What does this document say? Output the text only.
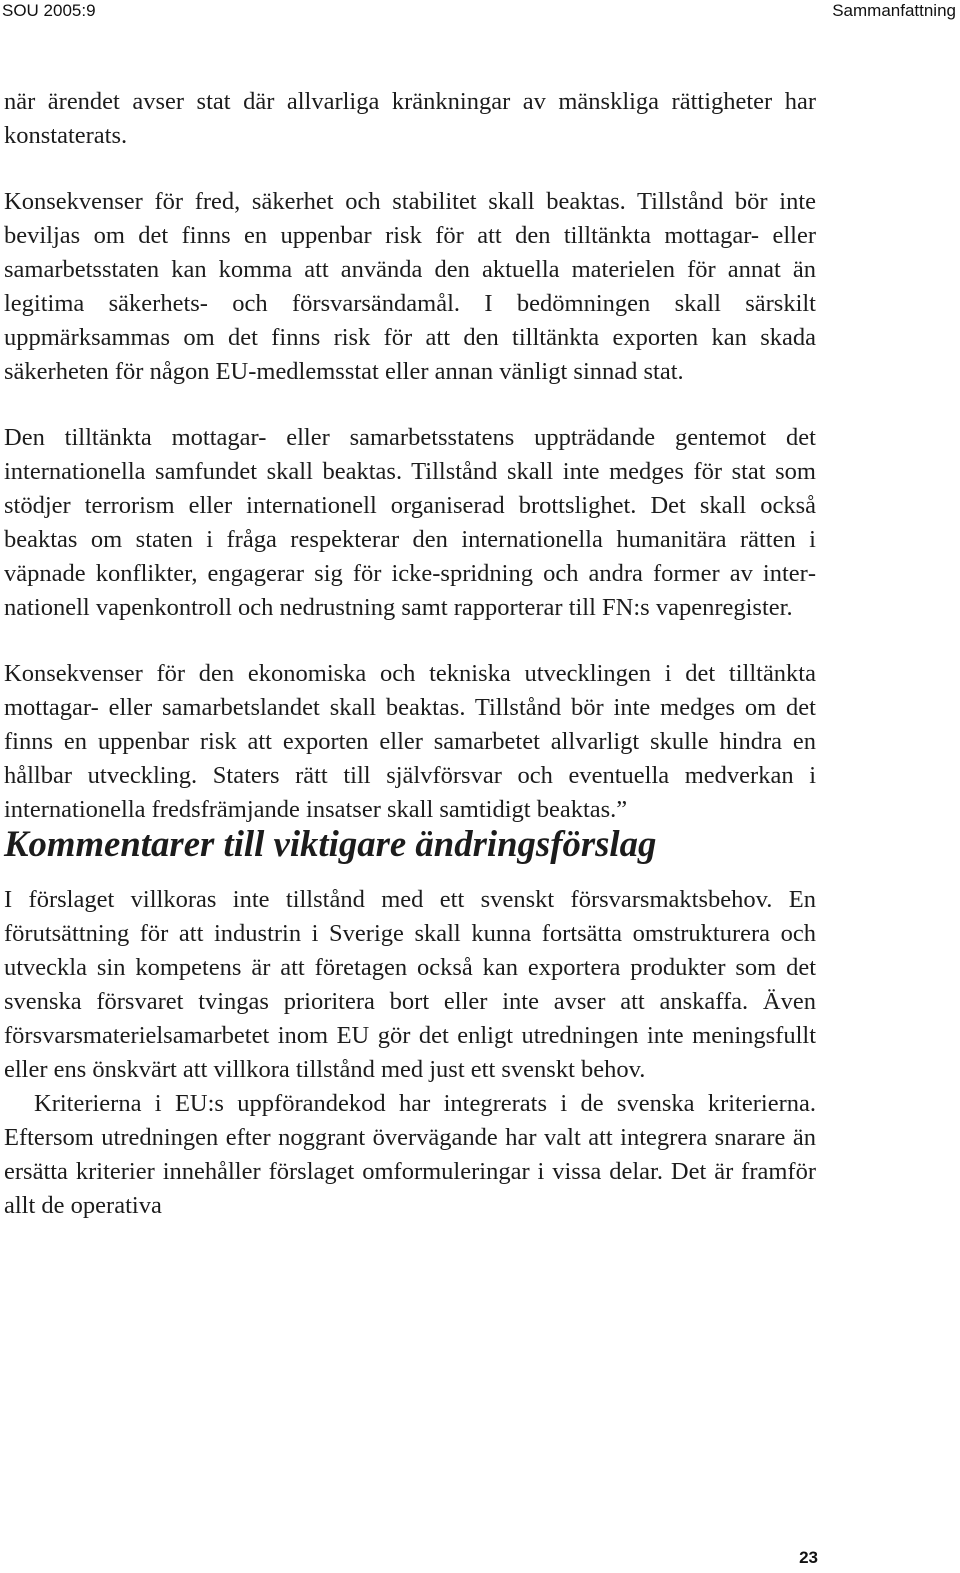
SOU 2005:9	Sammanfattning

när ärendet avser stat där allvarliga kränkningar av mänskliga rättigheter har konstaterats.

Konsekvenser för fred, säkerhet och stabilitet skall beaktas. Tillstånd bör inte beviljas om det finns en uppenbar risk för att den tilltänkta mottagar- eller samarbetsstaten kan komma att använda den aktuella materielen för annat än legitima säkerhets- och försvarsändamål. I bedömningen skall särskilt uppmärksammas om det finns risk för att den tilltänkta exporten kan skada säkerheten för någon EU-medlemsstat eller annan vänligt sinnad stat.

Den tilltänkta mottagar- eller samarbetsstatens uppträdande gentemot det internationella samfundet skall beaktas. Tillstånd skall inte medges för stat som stödjer terrorism eller internationell organiserad brottslighet. Det skall också beaktas om staten i fråga respekterar den internationella humanitära rätten i väpnade konflikter, engagerar sig för icke-spridning och andra former av internationell vapenkontroll och nedrustning samt rapporterar till FN:s vapenregister.

Konsekvenser för den ekonomiska och tekniska utvecklingen i det tilltänkta mottagar- eller samarbetslandet skall beaktas. Tillstånd bör inte medges om det finns en uppenbar risk att exporten eller samarbetet allvarligt skulle hindra en hållbar utveckling. Staters rätt till självförsvar och eventuella medverkan i internationella fredsfrämjande insatser skall samtidigt beaktas.”

Kommentarer till viktigare ändringsförslag

I förslaget villkoras inte tillstånd med ett svenskt försvarsmaktsbehov. En förutsättning för att industrin i Sverige skall kunna fortsätta omstrukturera och utveckla sin kompetens är att företagen också kan exportera produkter som det svenska försvaret tvingas prioritera bort eller inte avser att anskaffa. Även försvarsmaterielsamarbetet inom EU gör det enligt utredningen inte meningsfullt eller ens önskvärt att villkora tillstånd med just ett svenskt behov.

Kriterierna i EU:s uppförandekod har integrerats i de svenska kriterierna. Eftersom utredningen efter noggrant övervägande har valt att integrera snarare än ersätta kriterier innehåller förslaget omformuleringar i vissa delar. Det är framför allt de operativa

23
